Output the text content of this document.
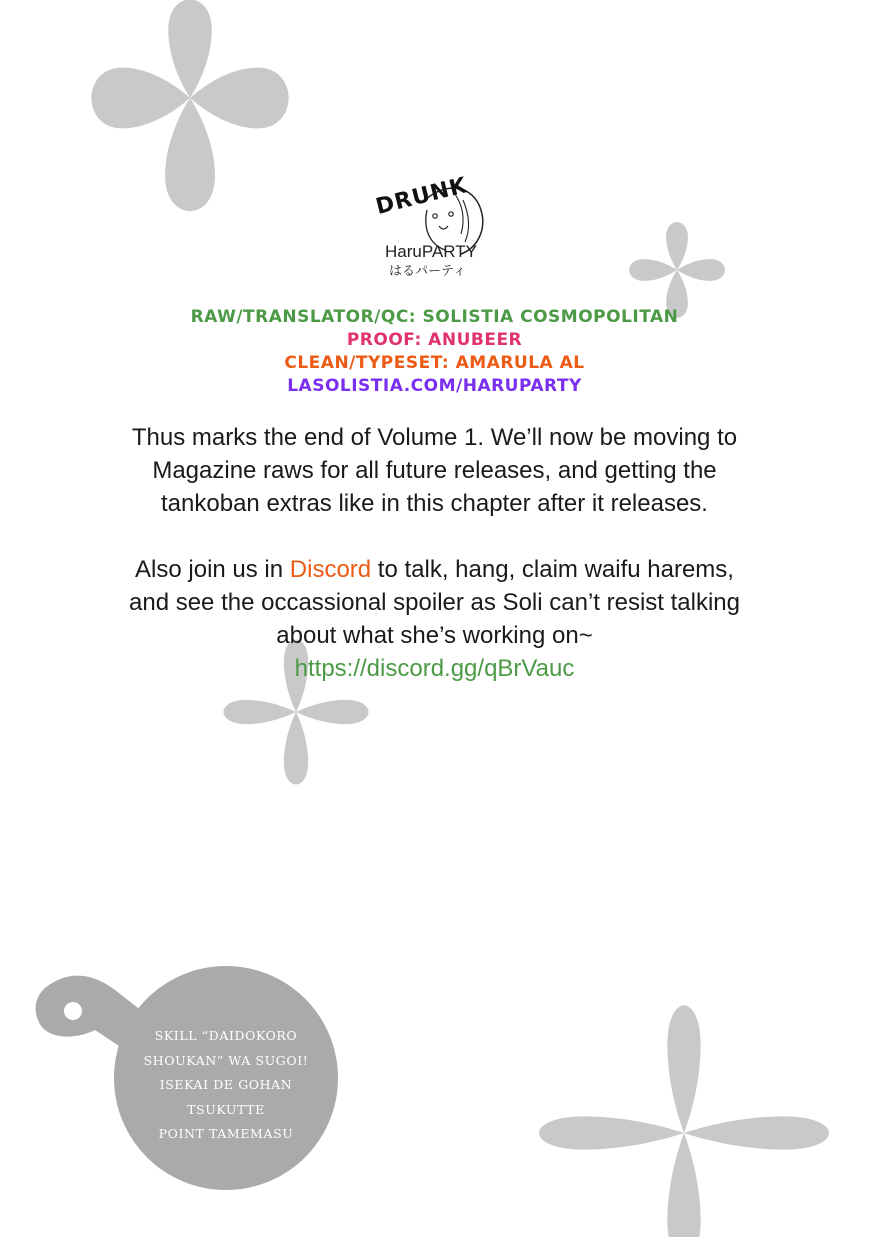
DRUNK
HaruPARTY
はるパーティ
RAW/TRANSLATOR/QC: SOLISTIA COSMOPOLITAN
PROOF: ANUBEER
CLEAN/TYPESET: AMARULA AL
LASOLISTIA.COM/HARUPARTY

Thus marks the end of Volume 1. We’ll now be moving to

Magazine raws for all future releases, and getting the

tankoban extras like in this chapter after it releases.

Also join us in Discord to talk, hang, claim waifu harems,

and see the occassional spoiler as Soli can’t resist talking

about what she’s working on~

https://discord.gg/qBrVauc

SKILL “DAIDOKORO
SHOUKAN” WA SUGOI!
ISEKAI DE GOHAN
TSUKUTTE
POINT TAMEMASU
